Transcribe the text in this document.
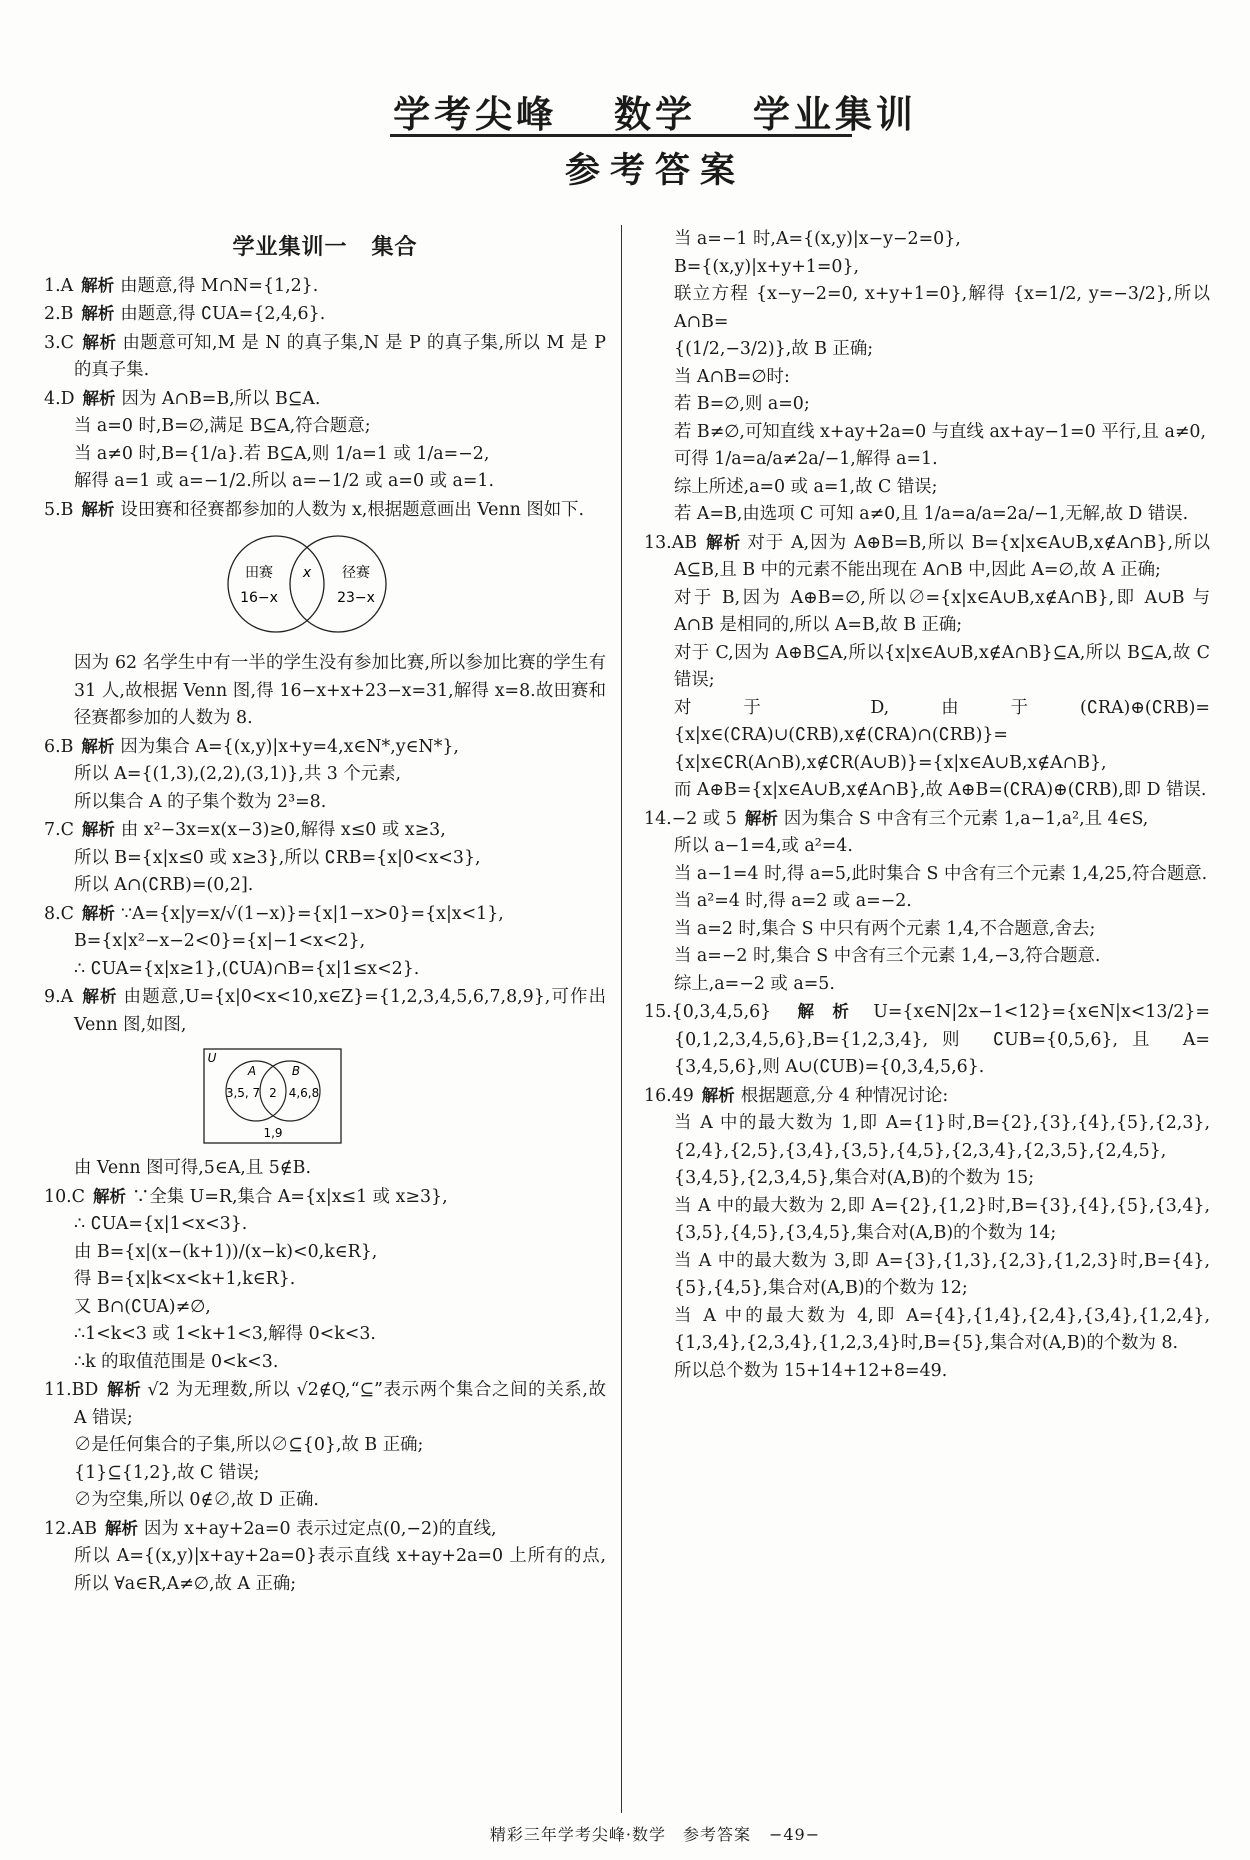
学考尖峰 数学 学业集训
参考答案
学业集训一 集合

1.A 解析 由题意,得 M∩N={1,2}.

2.B 解析 由题意,得 ∁UA={2,4,6}.

3.C 解析 由题意可知,M 是 N 的真子集,N 是 P 的真子集,所以 M 是 P 的真子集.

4.D 解析 因为 A∩B=B,所以 B⊆A.

当 a=0 时,B=∅,满足 B⊆A,符合题意;

当 a≠0 时,B={1/a}.若 B⊆A,则 1/a=1 或 1/a=−2,

解得 a=1 或 a=−1/2.所以 a=−1/2 或 a=0 或 a=1.

5.B 解析 设田赛和径赛都参加的人数为 x,根据题意画出 Venn 图如下.

田赛 x 径赛
16−x	23−x

因为 62 名学生中有一半的学生没有参加比赛,所以参加比赛的学生有 31 人,故根据 Venn 图,得 16−x+x+23−x=31,解得 x=8.故田赛和径赛都参加的人数为 8.

6.B 解析 因为集合 A={(x,y)|x+y=4,x∈N*,y∈N*},

所以 A={(1,3),(2,2),(3,1)},共 3 个元素,

所以集合 A 的子集个数为 2³=8.

7.C 解析 由 x²−3x=x(x−3)≥0,解得 x≤0 或 x≥3,

所以 B={x|x≤0 或 x≥3},所以 ∁RB={x|0<x<3},

所以 A∩(∁RB)=(0,2].

8.C 解析 ∵A={x|y=x/√(1−x)}={x|1−x>0}={x|x<1},

B={x|x²−x−2<0}={x|−1<x<2},

∴ ∁UA={x|x≥1},(∁UA)∩B={x|1≤x<2}.

9.A 解析 由题意,U={x|0<x<10,x∈Z}={1,2,3,4,5,6,7,8,9},可作出 Venn 图,如图,

U
A	B
3,5, 7 2 4,6,8
1,9

由 Venn 图可得,5∈A,且 5∉B.

10.C 解析 ∵全集 U=R,集合 A={x|x≤1 或 x≥3},

∴ ∁UA={x|1<x<3}.

由 B={x|(x−(k+1))/(x−k)<0,k∈R},

得 B={x|k<x<k+1,k∈R}.

又 B∩(∁UA)≠∅,

∴1<k<3 或 1<k+1<3,解得 0<k<3.

∴k 的取值范围是 0<k<3.

11.BD 解析 √2 为无理数,所以 √2∉Q,“⊆”表示两个集合之间的关系,故 A 错误;

∅是任何集合的子集,所以∅⊆{0},故 B 正确;

{1}⊆{1,2},故 C 错误;

∅为空集,所以 0∉∅,故 D 正确.

12.AB 解析 因为 x+ay+2a=0 表示过定点(0,−2)的直线,

所以 A={(x,y)|x+ay+2a=0}表示直线 x+ay+2a=0 上所有的点,所以 ∀a∈R,A≠∅,故 A 正确;

当 a=−1 时,A={(x,y)|x−y−2=0},

B={(x,y)|x+y+1=0},

联立方程 {x−y−2=0, x+y+1=0},解得 {x=1/2, y=−3/2},所以 A∩B=

{(1/2,−3/2)},故 B 正确;

当 A∩B=∅时:

若 B=∅,则 a=0;

若 B≠∅,可知直线 x+ay+2a=0 与直线 ax+ay−1=0 平行,且 a≠0,

可得 1/a=a/a≠2a/−1,解得 a=1.

综上所述,a=0 或 a=1,故 C 错误;

若 A=B,由选项 C 可知 a≠0,且 1/a=a/a=2a/−1,无解,故 D 错误.

13.AB 解析 对于 A,因为 A⊕B=B,所以 B={x|x∈A∪B,x∉A∩B},所以 A⊆B,且 B 中的元素不能出现在 A∩B 中,因此 A=∅,故 A 正确;

对于 B,因为 A⊕B=∅,所以∅={x|x∈A∪B,x∉A∩B},即 A∪B 与 A∩B 是相同的,所以 A=B,故 B 正确;

对于 C,因为 A⊕B⊆A,所以{x|x∈A∪B,x∉A∩B}⊆A,所以 B⊆A,故 C 错误;

对于 D,由于(∁RA)⊕(∁RB)={x|x∈(∁RA)∪(∁RB),x∉(∁RA)∩(∁RB)}={x|x∈∁R(A∩B),x∉∁R(A∪B)}={x|x∈A∪B,x∉A∩B},

而 A⊕B={x|x∈A∪B,x∉A∩B},故 A⊕B=(∁RA)⊕(∁RB),即 D 错误.

14.−2 或 5 解析 因为集合 S 中含有三个元素 1,a−1,a²,且 4∈S,

所以 a−1=4,或 a²=4.

当 a−1=4 时,得 a=5,此时集合 S 中含有三个元素 1,4,25,符合题意.

当 a²=4 时,得 a=2 或 a=−2.

当 a=2 时,集合 S 中只有两个元素 1,4,不合题意,舍去;

当 a=−2 时,集合 S 中含有三个元素 1,4,−3,符合题意.

综上,a=−2 或 a=5.

15.{0,3,4,5,6} 解析 U={x∈N|2x−1<12}={x∈N|x<13/2}={0,1,2,3,4,5,6},B={1,2,3,4},则 ∁UB={0,5,6},且 A={3,4,5,6},则 A∪(∁UB)={0,3,4,5,6}.

16.49 解析 根据题意,分 4 种情况讨论:

当 A 中的最大数为 1,即 A={1}时,B={2},{3},{4},{5},{2,3},{2,4},{2,5},{3,4},{3,5},{4,5},{2,3,4},{2,3,5},{2,4,5},{3,4,5},{2,3,4,5},集合对(A,B)的个数为 15;

当 A 中的最大数为 2,即 A={2},{1,2}时,B={3},{4},{5},{3,4},{3,5},{4,5},{3,4,5},集合对(A,B)的个数为 14;

当 A 中的最大数为 3,即 A={3},{1,3},{2,3},{1,2,3}时,B={4},{5},{4,5},集合对(A,B)的个数为 12;

当 A 中的最大数为 4,即 A={4},{1,4},{2,4},{3,4},{1,2,4},{1,3,4},{2,3,4},{1,2,3,4}时,B={5},集合对(A,B)的个数为 8.

所以总个数为 15+14+12+8=49.

精彩三年学考尖峰·数学　参考答案 −49−
